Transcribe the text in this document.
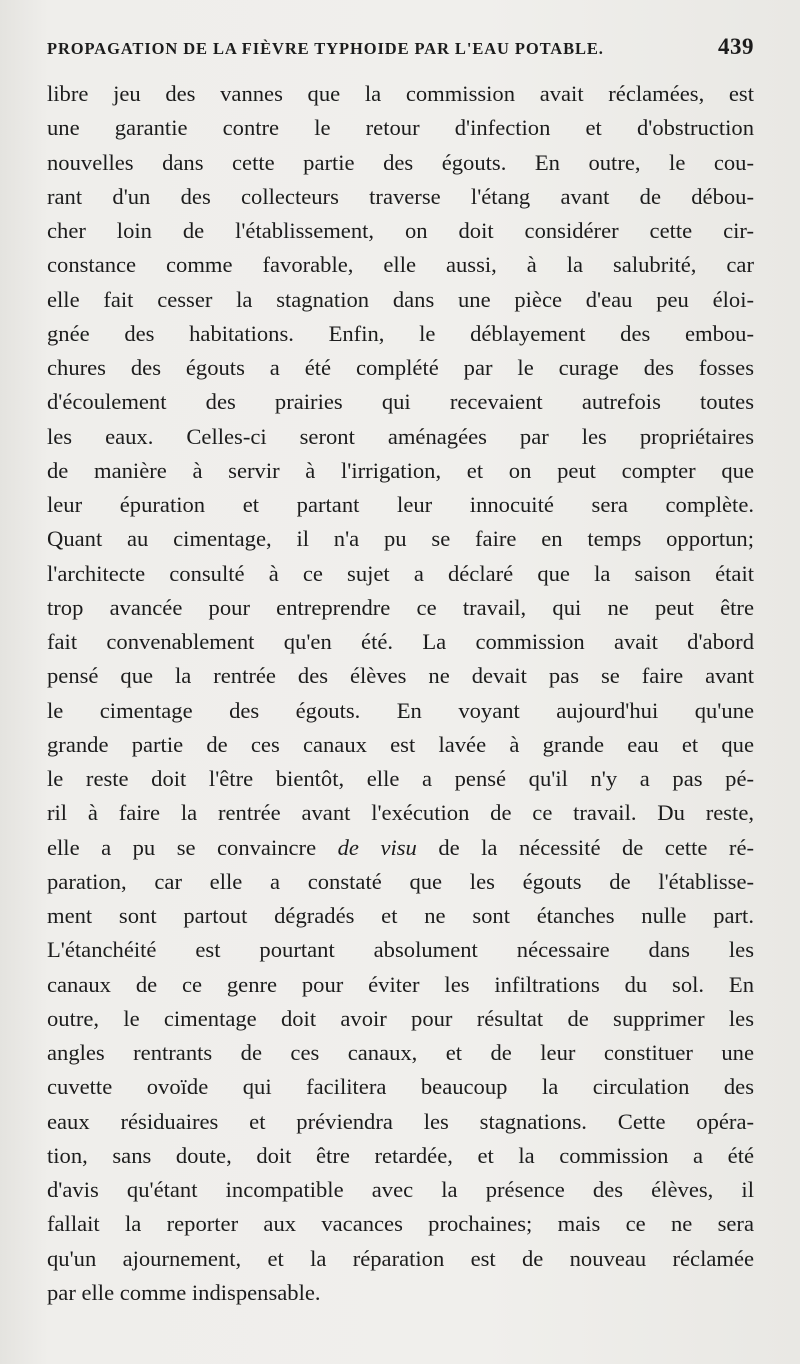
PROPAGATION DE LA FIÈVRE TYPHOIDE PAR L'EAU POTABLE.	439
libre jeu des vannes que la commission avait réclamées, est
une garantie contre le retour d'infection et d'obstruction
nouvelles dans cette partie des égouts. En outre, le cou-
rant d'un des collecteurs traverse l'étang avant de débou-
cher loin de l'établissement, on doit considérer cette cir-
constance comme favorable, elle aussi, à la salubrité, car
elle fait cesser la stagnation dans une pièce d'eau peu éloi-
gnée des habitations. Enfin, le déblayement des embou-
chures des égouts a été complété par le curage des fosses
d'écoulement des prairies qui recevaient autrefois toutes
les eaux. Celles-ci seront aménagées par les propriétaires
de manière à servir à l'irrigation, et on peut compter que
leur épuration et partant leur innocuité sera complète.
Quant au cimentage, il n'a pu se faire en temps opportun;
l'architecte consulté à ce sujet a déclaré que la saison était
trop avancée pour entreprendre ce travail, qui ne peut être
fait convenablement qu'en été. La commission avait d'abord
pensé que la rentrée des élèves ne devait pas se faire avant
le cimentage des égouts. En voyant aujourd'hui qu'une
grande partie de ces canaux est lavée à grande eau et que
le reste doit l'être bientôt, elle a pensé qu'il n'y a pas pé-
ril à faire la rentrée avant l'exécution de ce travail. Du reste,
elle a pu se convaincre de visu de la nécessité de cette ré-
paration, car elle a constaté que les égouts de l'établisse-
ment sont partout dégradés et ne sont étanches nulle part.
L'étanchéité est pourtant absolument nécessaire dans les
canaux de ce genre pour éviter les infiltrations du sol. En
outre, le cimentage doit avoir pour résultat de supprimer les
angles rentrants de ces canaux, et de leur constituer une
cuvette ovoïde qui facilitera beaucoup la circulation des
eaux résiduaires et préviendra les stagnations. Cette opéra-
tion, sans doute, doit être retardée, et la commission a été
d'avis qu'étant incompatible avec la présence des élèves, il
fallait la reporter aux vacances prochaines; mais ce ne sera
qu'un ajournement, et la réparation est de nouveau réclamée
par elle comme indispensable.
